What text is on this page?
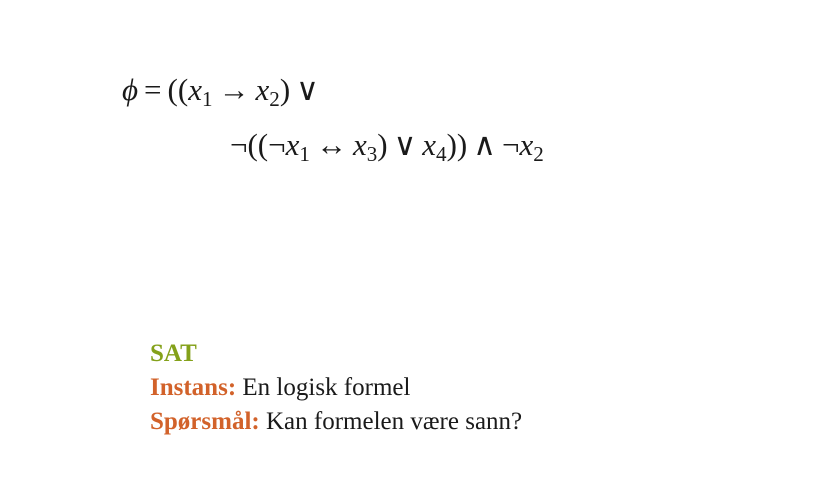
$\phi = ((x_1 \to x_2)$ ∨
$\neg((\neg x_1$ ↔ $x_3$) ∨ $x_4$)) ∧ $\neg x_2$
SAT
Instans: En logisk formel
Spørsmål: Kan formelen være sann?
